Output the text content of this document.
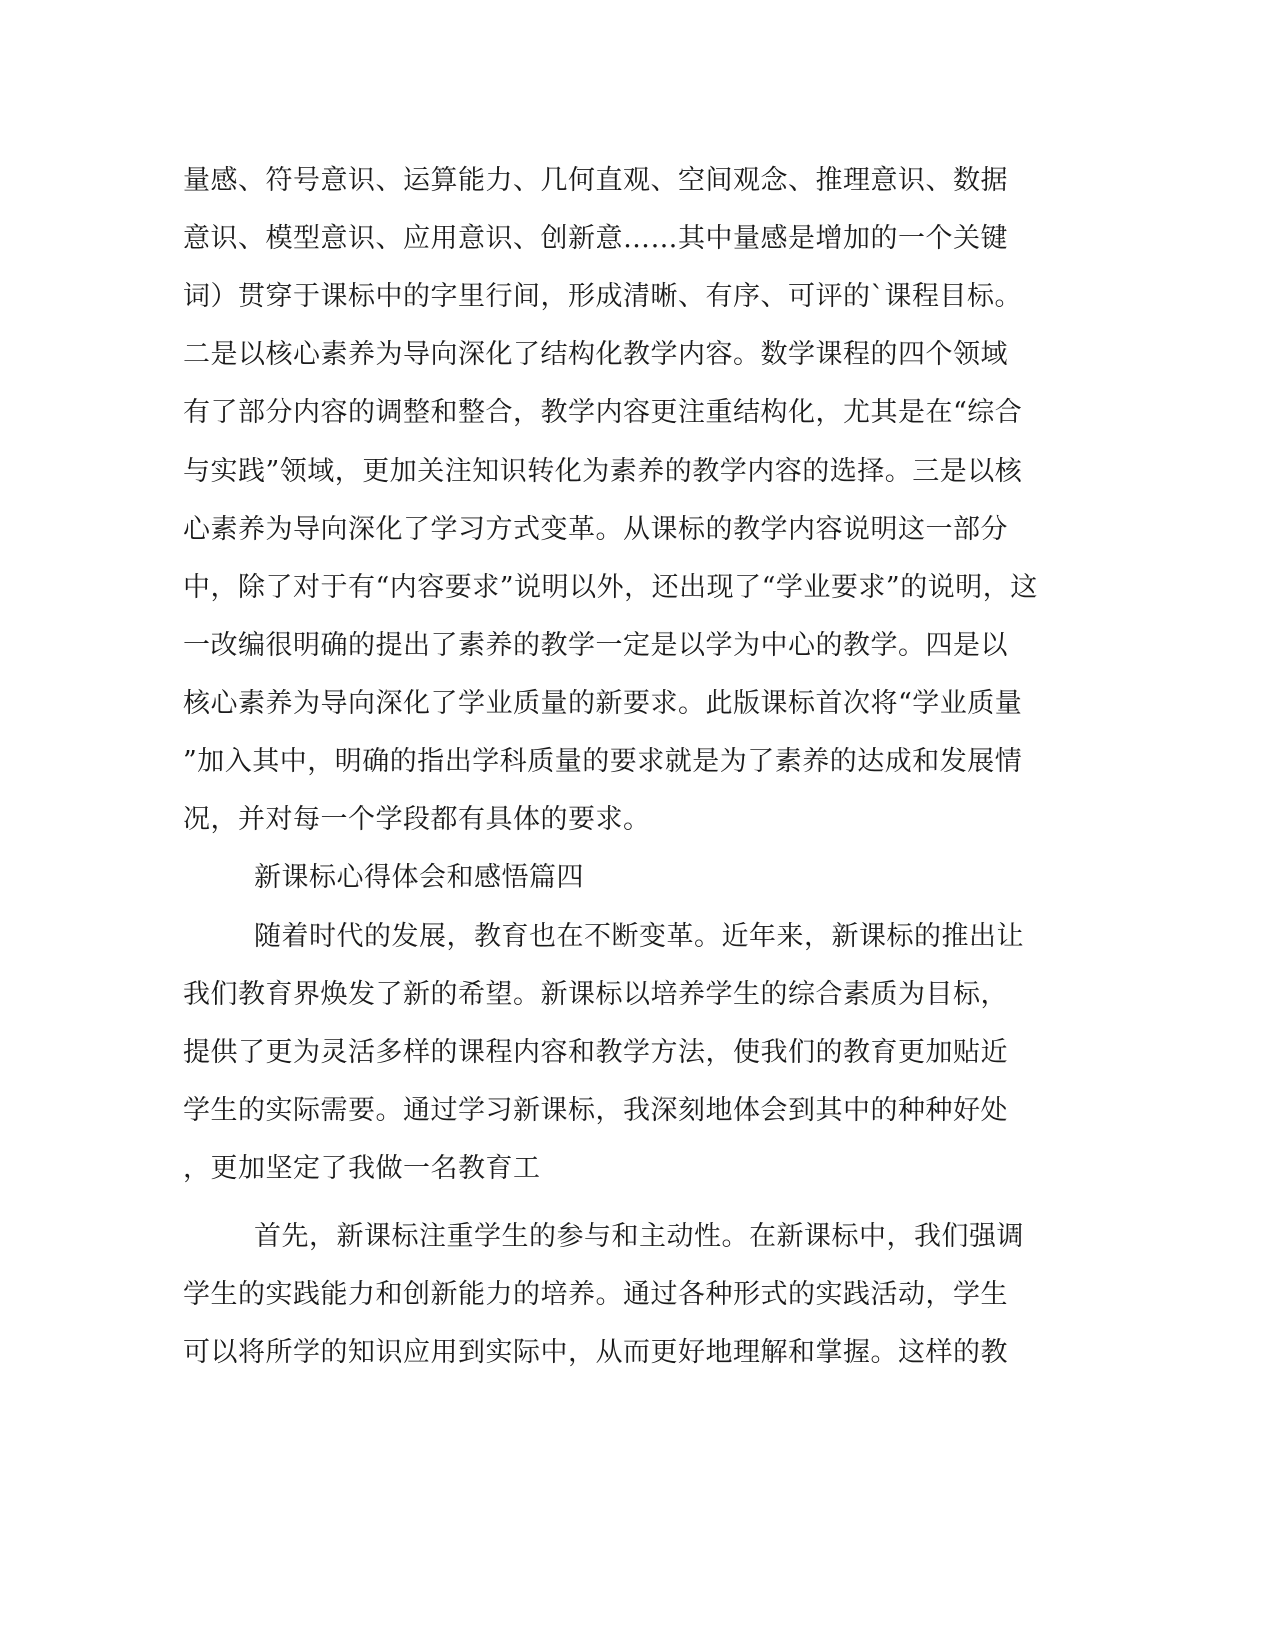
量感、符号意识、运算能力、几何直观、空间观念、推理意识、数据
意识、模型意识、应用意识、创新意……其中量感是增加的一个关键
词）贯穿于课标中的字里行间，形成清晰、有序、可评的`课程目标。
二是以核心素养为导向深化了结构化教学内容。数学课程的四个领域
有了部分内容的调整和整合，教学内容更注重结构化，尤其是在“综合
与实践”领域，更加关注知识转化为素养的教学内容的选择。三是以核
心素养为导向深化了学习方式变革。从课标的教学内容说明这一部分
中，除了对于有“内容要求”说明以外，还出现了“学业要求”的说明，这
一改编很明确的提出了素养的教学一定是以学为中心的教学。四是以
核心素养为导向深化了学业质量的新要求。此版课标首次将“学业质量
”加入其中，明确的指出学科质量的要求就是为了素养的达成和发展情
况，并对每一个学段都有具体的要求。
新课标心得体会和感悟篇四
随着时代的发展，教育也在不断变革。近年来，新课标的推出让
我们教育界焕发了新的希望。新课标以培养学生的综合素质为目标，
提供了更为灵活多样的课程内容和教学方法，使我们的教育更加贴近
学生的实际需要。通过学习新课标，我深刻地体会到其中的种种好处
，更加坚定了我做一名教育工
首先，新课标注重学生的参与和主动性。在新课标中，我们强调
学生的实践能力和创新能力的培养。通过各种形式的实践活动，学生
可以将所学的知识应用到实际中，从而更好地理解和掌握。这样的教
